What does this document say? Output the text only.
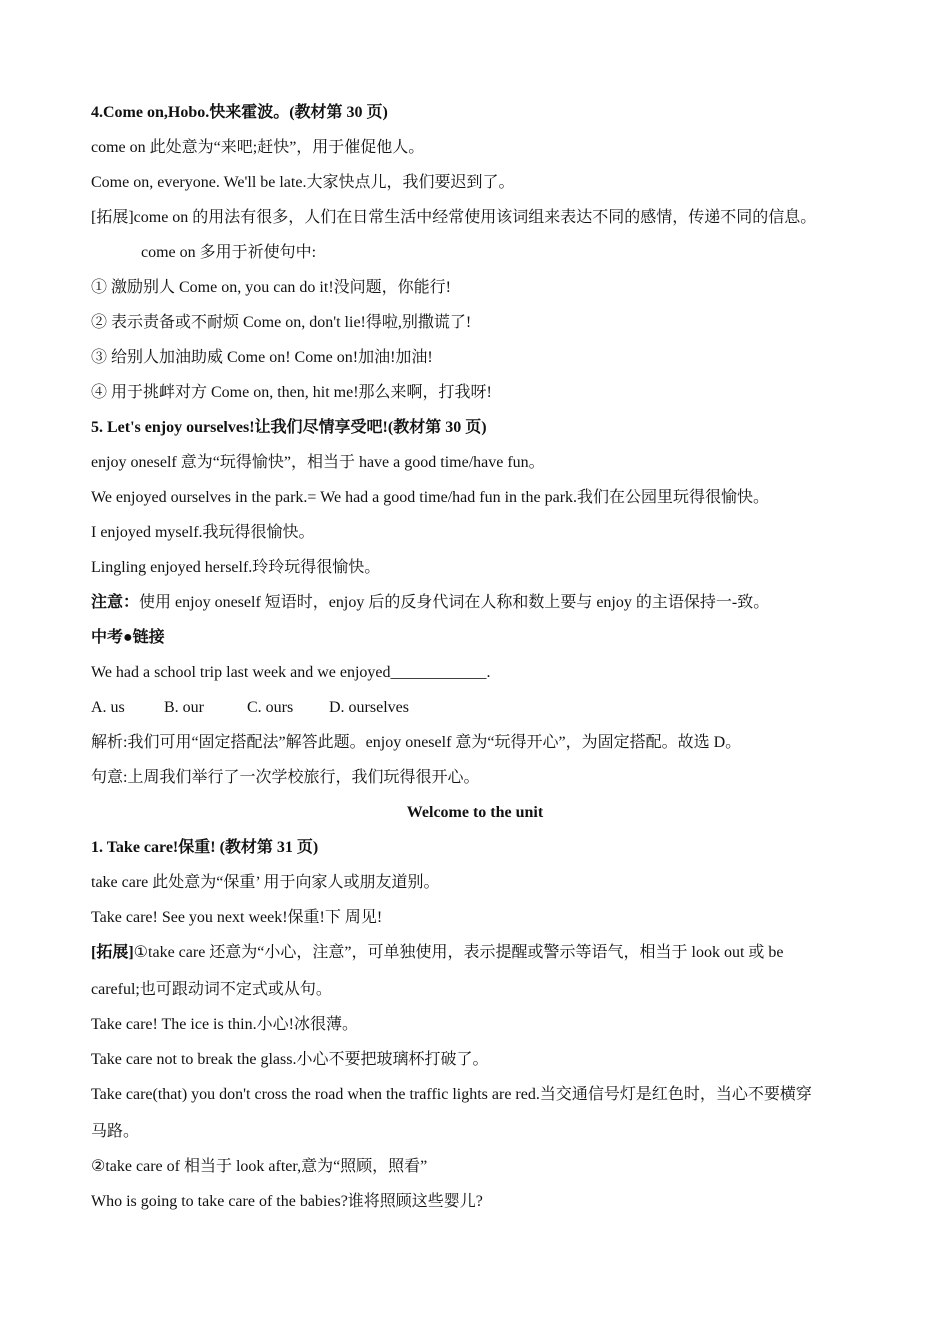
4.Come on,Hobo.快来霍波。(教材第 30 页)
come on 此处意为“来吧;赶快”，用于催促他人。
Come on, everyone. We'll be late.大家快点儿，我们要迟到了。
[拓展]come on 的用法有很多，人们在日常生活中经常使用该词组来表达不同的感情，传递不同的信息。
come on 多用于祈使句中:
① 激励别人 Come on, you can do it!没问题，你能行!
② 表示责备或不耐烦 Come on, don't lie!得啦,别撒谎了!
③ 给别人加油助威 Come on! Come on!加油!加油!
④ 用于挑衅对方 Come on, then, hit me!那么来啊，打我呀!
5. Let's enjoy ourselves!让我们尽情享受吧!(教材第 30 页)
enjoy oneself 意为“玩得愉快”，相当于 have a good time/have fun。
We enjoyed ourselves in the park.= We had a good time/had fun in the park.我们在公园里玩得很愉快。
I enjoyed myself.我玩得很愉快。
Lingling enjoyed herself.玲玲玩得很愉快。
注意：使用 enjoy oneself 短语时，enjoy 后的反身代词在人称和数上要与 enjoy 的主语保持一-致。
中考●链接
We had a school trip last week and we enjoyed____________.
A. us B. our	C. ours D. ourselves
解析:我们可用“固定搭配法”解答此题。enjoy oneself 意为“玩得开心”，为固定搭配。故选 D。
句意:上周我们举行了一次学校旅行，我们玩得很开心。
Welcome to the unit
1. Take care!保重! (教材第 31 页)
take care 此处意为“保重’ 用于向家人或朋友道别。
Take care! See you next week!保重!下 周见!
[拓展]①take care 还意为“小心，注意”，可单独使用，表示提醒或警示等语气，相当于 look out 或 be
careful;也可跟动词不定式或从句。
Take care! The ice is thin.小心!冰很薄。
Take care not to break the glass.小心不要把玻璃杯打破了。
Take care(that) you don't cross the road when the traffic lights are red.当交通信号灯是红色时，当心不要横穿
马路。
②take care of 相当于 look after,意为“照顾，照看”
Who is going to take care of the babies?谁将照顾这些婴儿?
